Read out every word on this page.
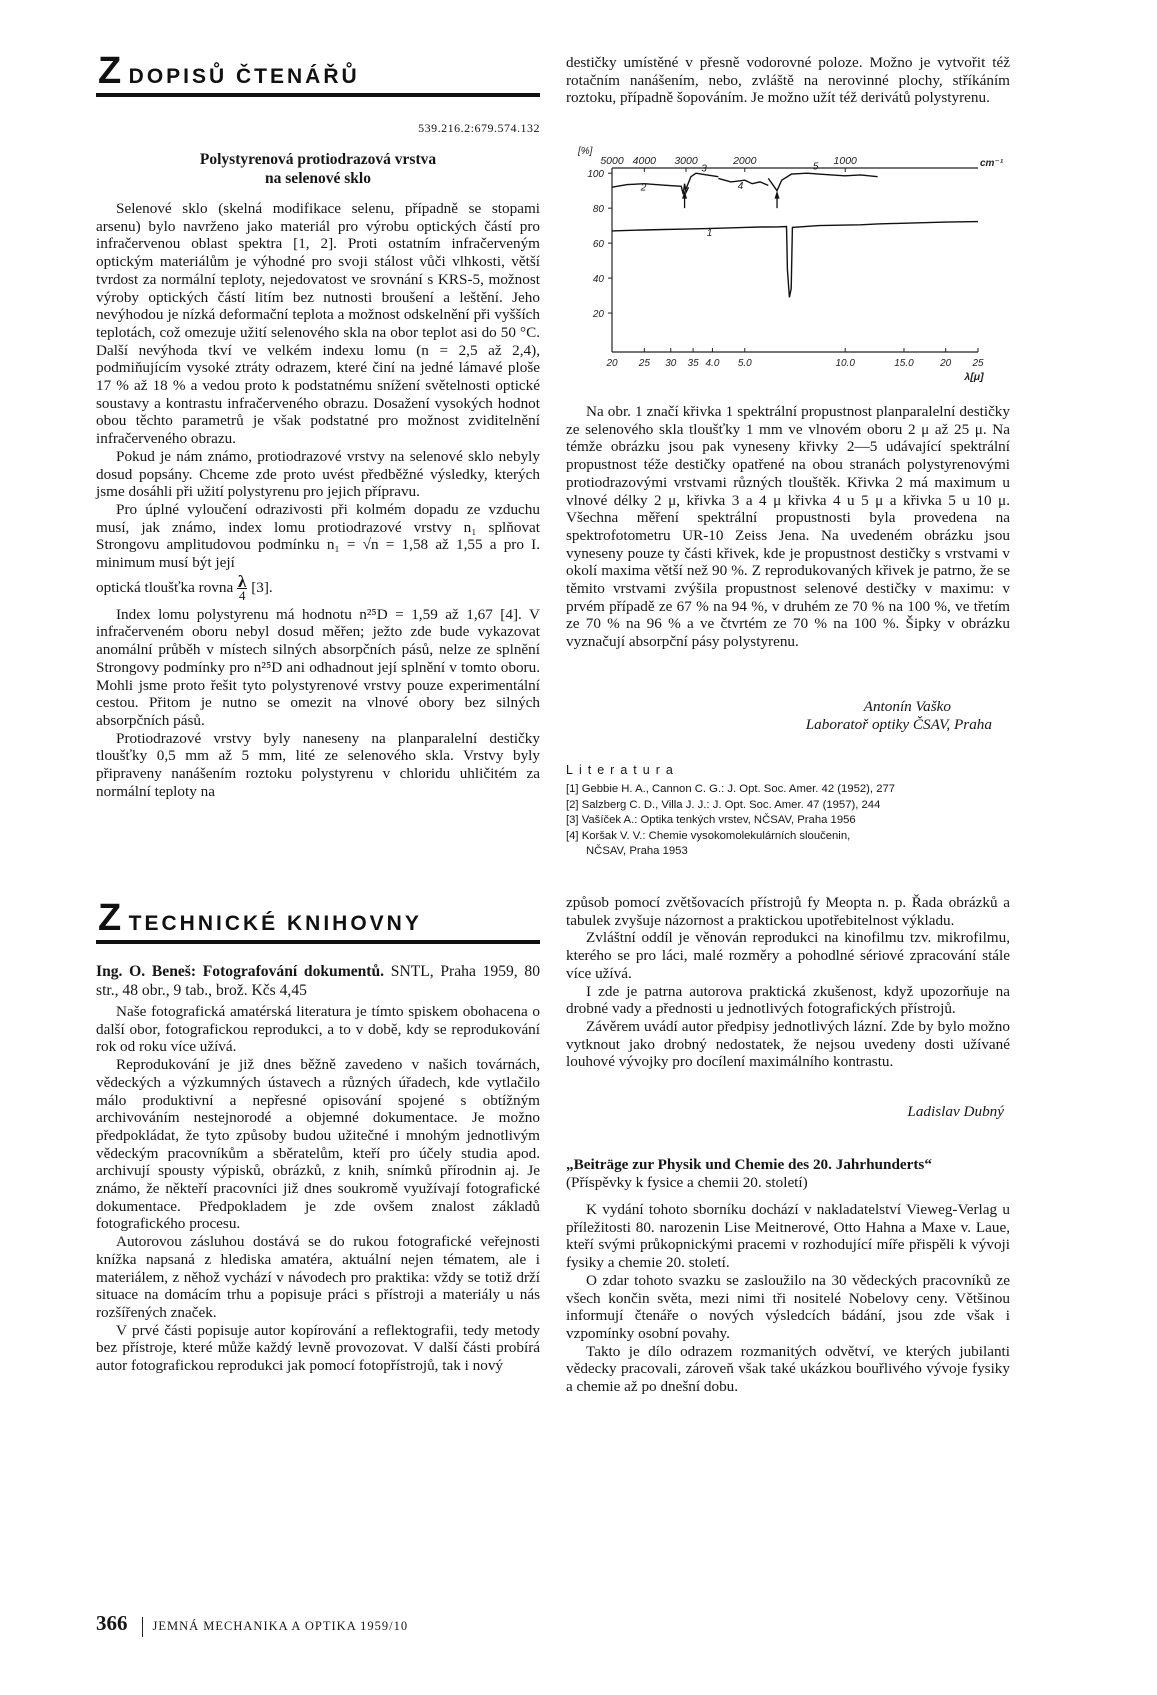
Z DOPISŮ ČTENÁŘŮ
539.216.2:679.574.132
Polystyrenová protiodrazová vrstva
na selenové sklo

Selenové sklo (skelná modifikace selenu, případně se stopami arsenu) bylo navrženo jako materiál pro výrobu optických částí pro infračervenou oblast spektra [1, 2]. Proti ostatním infračerveným optickým materiálům je výhodné pro svoji stálost vůči vlhkosti, větší tvrdost za normální teploty, nejedovatost ve srovnání s KRS-5, možnost výroby optických částí litím bez nutnosti broušení a leštění. Jeho nevýhodou je nízká deformační teplota a možnost odskelnění při vyšších teplotách, což omezuje užití selenového skla na obor teplot asi do 50 °C. Další nevýhoda tkví ve velkém indexu lomu (n = 2,5 až 2,4), podmiňujícím vysoké ztráty odrazem, které činí na jedné lámavé ploše 17 % až 18 % a vedou proto k podstatnému snížení světelnosti optické soustavy a kontrastu infračerveného obrazu. Dosažení vysokých hodnot obou těchto parametrů je však podstatné pro možnost zviditelnění infračerveného obrazu.

Pokud je nám známo, protiodrazové vrstvy na selenové sklo nebyly dosud popsány. Chceme zde proto uvést předběžné výsledky, kterých jsme dosáhli při užití polystyrenu pro jejich přípravu.

Pro úplné vyloučení odrazivosti při kolmém dopadu ze vzduchu musí, jak známo, index lomu protiodrazové vrstvy n₁ splňovat Strongovu amplitudovou podmínku n₁ = √n = 1,58 až 1,55 a pro I. minimum musí být její

optická tloušťka rovna $\frac{\lambda}{4} [3]$.

Index lomu polystyrenu má hodnotu n²⁵D = 1,59 až 1,67 [4]. V infračerveném oboru nebyl dosud měřen; ježto zde bude vykazovat anomální průběh v místech silných absorpčních pásů, nelze ze splnění Strongovy podmínky pro n²⁵D ani odhadnout její splnění v tomto oboru. Mohli jsme proto řešit tyto polystyrenové vrstvy pouze experimentální cestou. Přitom je nutno se omezit na vlnové obory bez silných absorpčních pásů.

Protiodrazové vrstvy byly naneseny na planparalelní destičky tloušťky 0,5 mm až 5 mm, lité ze selenového skla. Vrstvy byly připraveny nanášením roztoku polystyrenu v chloridu uhličitém za normální teploty na

destičky umístěné v přesně vodorovné poloze. Možno je vytvořit též rotačním nanášením, nebo, zvláště na nerovinné plochy, stříkáním roztoku, případně šopováním. Je možno užít též derivátů polystyrenu.

[%]
100
80
60
40
20
5000 4000 3000	2000	1000	cm⁻¹
20 25 30 35 4.0 5.0	10.0	15.0	20 25
λ[μ]
1
2
3
4
5

Na obr. 1 značí křivka 1 spektrální propustnost planparalelní destičky ze selenového skla tloušťky 1 mm ve vlnovém oboru 2 μ až 25 μ. Na témže obrázku jsou pak vyneseny křivky 2—5 udávající spektrální propustnost téže destičky opatřené na obou stranách polystyrenovými protiodrazovými vrstvami různých tlouštěk. Křivka 2 má maximum u vlnové délky 2 μ, křivka 3 a 4 μ křivka 4 u 5 μ a křivka 5 u 10 μ. Všechna měření spektrální propustnosti byla provedena na spektrofotometru UR-10 Zeiss Jena. Na uvedeném obrázku jsou vyneseny pouze ty části křivek, kde je propustnost destičky s vrstvami v okolí maxima větší než 90 %. Z reprodukovaných křivek je patrno, že se těmito vrstvami zvýšila propustnost selenové destičky v maximu: v prvém případě ze 67 % na 94 %, v druhém ze 70 % na 100 %, ve třetím ze 70 % na 96 % a ve čtvrtém ze 70 % na 100 %. Šipky v obrázku vyznačují absorpční pásy polystyrenu.

Antonín Vaško
Laboratoř optiky ČSAV, Praha
Literatura
[1] Gebbie H. A., Cannon C. G.: J. Opt. Soc. Amer. 42 (1952), 277
[2] Salzberg C. D., Villa J. J.: J. Opt. Soc. Amer. 47 (1957), 244
[3] Vašíček A.: Optika tenkých vrstev, NČSAV, Praha 1956
[4] Koršak V. V.: Chemie vysokomolekulárních sloučenin,
NČSAV, Praha 1953
Z TECHNICKÉ KNIHOVNY

Ing. O. Beneš: Fotografování dokumentů. SNTL, Praha 1959, 80 str., 48 obr., 9 tab., brož. Kčs 4,45

Naše fotografická amatérská literatura je tímto spiskem obohacena o další obor, fotografickou reprodukci, a to v době, kdy se reprodukování rok od roku více užívá.

Reprodukování je již dnes běžně zavedeno v našich továrnách, vědeckých a výzkumných ústavech a různých úřadech, kde vytlačilo málo produktivní a nepřesné opisování spojené s obtížným archivováním nestejnorodé a objemné dokumentace. Je možno předpokládat, že tyto způsoby budou užitečné i mnohým jednotlivým vědeckým pracovníkům a sběratelům, kteří pro účely studia apod. archivují spousty výpisků, obrázků, z knih, snímků přírodnin aj. Je známo, že někteří pracovníci již dnes soukromě využívají fotografické dokumentace. Předpokladem je zde ovšem znalost základů fotografického procesu.

Autorovou zásluhou dostává se do rukou fotografické veřejnosti knížka napsaná z hlediska amatéra, aktuální nejen tématem, ale i materiálem, z něhož vychází v návodech pro praktika: vždy se totiž drží situace na domácím trhu a popisuje práci s přístroji a materiály u nás rozšířených značek.

V prvé části popisuje autor kopírování a reflektografii, tedy metody bez přístroje, které může každý levně provozovat. V další části probírá autor fotografickou reprodukci jak pomocí fotopřístrojů, tak i nový

způsob pomocí zvětšovacích přístrojů fy Meopta n. p. Řada obrázků a tabulek zvyšuje názornost a praktickou upotřebitelnost výkladu.

Zvláštní oddíl je věnován reprodukci na kinofilmu tzv. mikrofilmu, kterého se pro láci, malé rozměry a pohodlné sériové zpracování stále více užívá.

I zde je patrna autorova praktická zkušenost, když upozorňuje na drobné vady a přednosti u jednotlivých fotografických přístrojů.

Závěrem uvádí autor předpisy jednotlivých lázní. Zde by bylo možno vytknout jako drobný nedostatek, že nejsou uvedeny dosti užívané louhové vývojky pro docílení maximálního kontrastu.

Ladislav Dubný

„Beiträge zur Physik und Chemie des 20. Jahrhunderts“
(Příspěvky k fysice a chemii 20. století)

K vydání tohoto sborníku dochází v nakladatelství Vieweg-Verlag u příležitosti 80. narozenin Lise Meitnerové, Otto Hahna a Maxe v. Laue, kteří svými průkopnickými pracemi v rozhodující míře přispěli k vývoji fysiky a chemie 20. století.

O zdar tohoto svazku se zasloužilo na 30 vědeckých pracovníků ze všech končin světa, mezi nimi tři nositelé Nobelovy ceny. Většinou informují čtenáře o nových výsledcích bádání, jsou zde však i vzpomínky osobní povahy.

Takto je dílo odrazem rozmanitých odvětví, ve kterých jubilanti vědecky pracovali, zároveň však také ukázkou bouřlivého vývoje fysiky a chemie až po dnešní dobu.

366 JEMNÁ MECHANIKA A OPTIKA 1959/10
